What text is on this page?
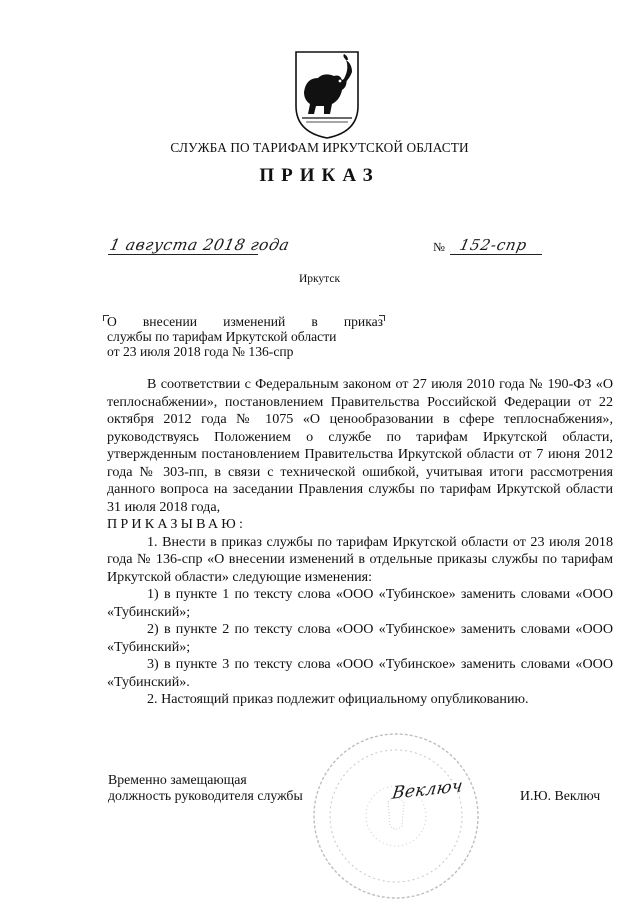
СЛУЖБА ПО ТАРИФАМ ИРКУТСКОЙ ОБЛАСТИ
ПРИКАЗ
1 августа 2018 года	№ 152-спр
Иркутск
О внесении изменений в приказ
службы по тарифам Иркутской области
от 23 июля 2018 года № 136-спр

В соответствии с Федеральным законом от 27 июля 2010 года № 190-ФЗ «О теплоснабжении», постановлением Правительства Российской Федерации от 22 октября 2012 года № 1075 «О ценообразовании в сфере теплоснабжения», руководствуясь Положением о службе по тарифам Иркутской области, утвержденным постановлением Правительства Иркутской области от 7 июня 2012 года № 303-пп, в связи с технической ошибкой, учитывая итоги рассмотрения данного вопроса на заседании Правления службы по тарифам Иркутской области 31 июля 2018 года,

ПРИКАЗЫВАЮ:

1. Внести в приказ службы по тарифам Иркутской области от 23 июля 2018 года № 136-спр «О внесении изменений в отдельные приказы службы по тарифам Иркутской области» следующие изменения:

1) в пункте 1 по тексту слова «ООО «Тубинское» заменить словами «ООО «Тубинский»;

2) в пункте 2 по тексту слова «ООО «Тубинское» заменить словами «ООО «Тубинский»;

3) в пункте 3 по тексту слова «ООО «Тубинское» заменить словами «ООО «Тубинский».

2. Настоящий приказ подлежит официальному опубликованию.

Временно замещающая
должность руководителя службы	Веключ	И.Ю. Веключ
